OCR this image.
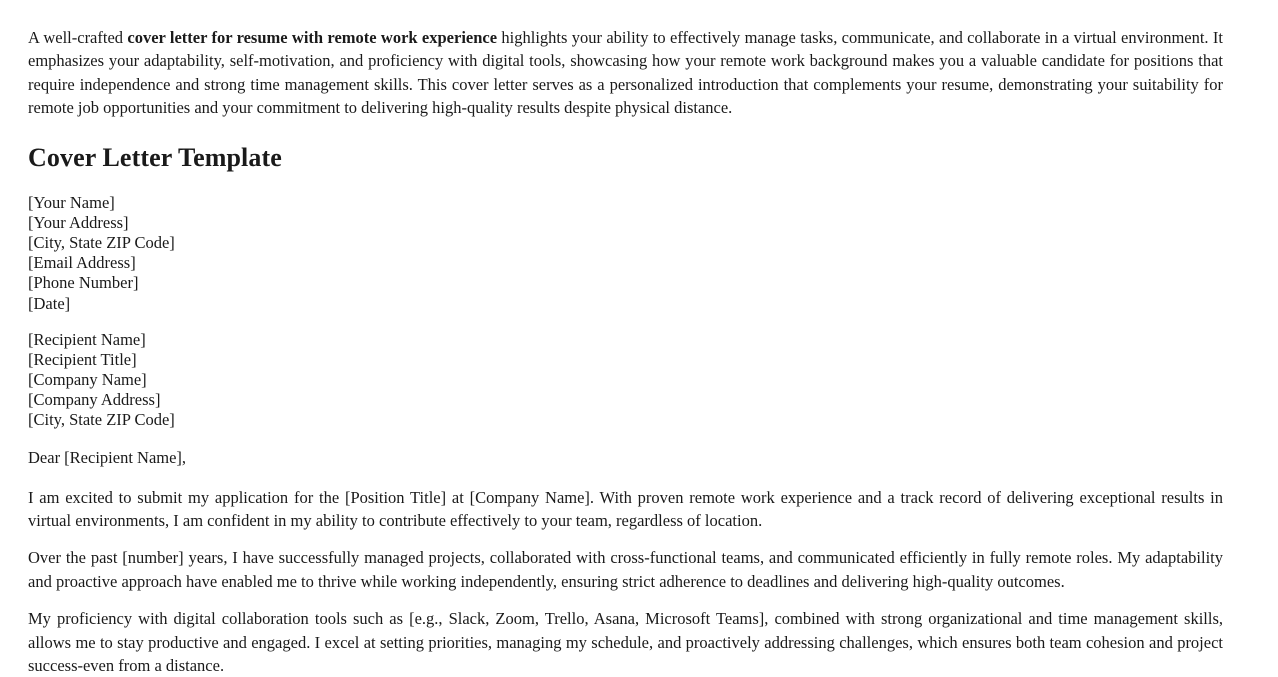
A well-crafted cover letter for resume with remote work experience highlights your ability to effectively manage tasks, communicate, and collaborate in a virtual environment. It emphasizes your adaptability, self-motivation, and proficiency with digital tools, showcasing how your remote work background makes you a valuable candidate for positions that require independence and strong time management skills. This cover letter serves as a personalized introduction that complements your resume, demonstrating your suitability for remote job opportunities and your commitment to delivering high-quality results despite physical distance.

Cover Letter Template
[Your Name]
[Your Address]
[City, State ZIP Code]
[Email Address]
[Phone Number]
[Date]
[Recipient Name]
[Recipient Title]
[Company Name]
[Company Address]
[City, State ZIP Code]

Dear [Recipient Name],

I am excited to submit my application for the [Position Title] at [Company Name]. With proven remote work experience and a track record of delivering exceptional results in virtual environments, I am confident in my ability to contribute effectively to your team, regardless of location.

Over the past [number] years, I have successfully managed projects, collaborated with cross-functional teams, and communicated efficiently in fully remote roles. My adaptability and proactive approach have enabled me to thrive while working independently, ensuring strict adherence to deadlines and delivering high-quality outcomes.

My proficiency with digital collaboration tools such as [e.g., Slack, Zoom, Trello, Asana, Microsoft Teams], combined with strong organizational and time management skills, allows me to stay productive and engaged. I excel at setting priorities, managing my schedule, and proactively addressing challenges, which ensures both team cohesion and project success-even from a distance.
